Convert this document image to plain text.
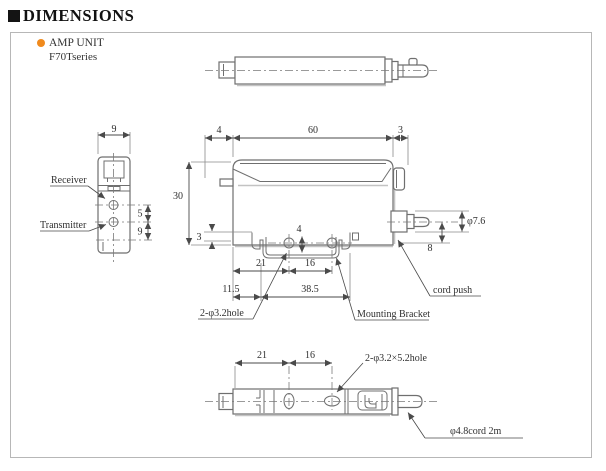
DIMENSIONS
AMP UNIT
F70Tseries
9
5
9
Receiver
Transmitter
4	60	3
30
3
4
21	16
11.5	38.5
φ7.6
8
2-φ3.2hole	Mounting Bracket
cord push
21	16	2-φ3.2×5.2hole
φ4.8cord 2m
